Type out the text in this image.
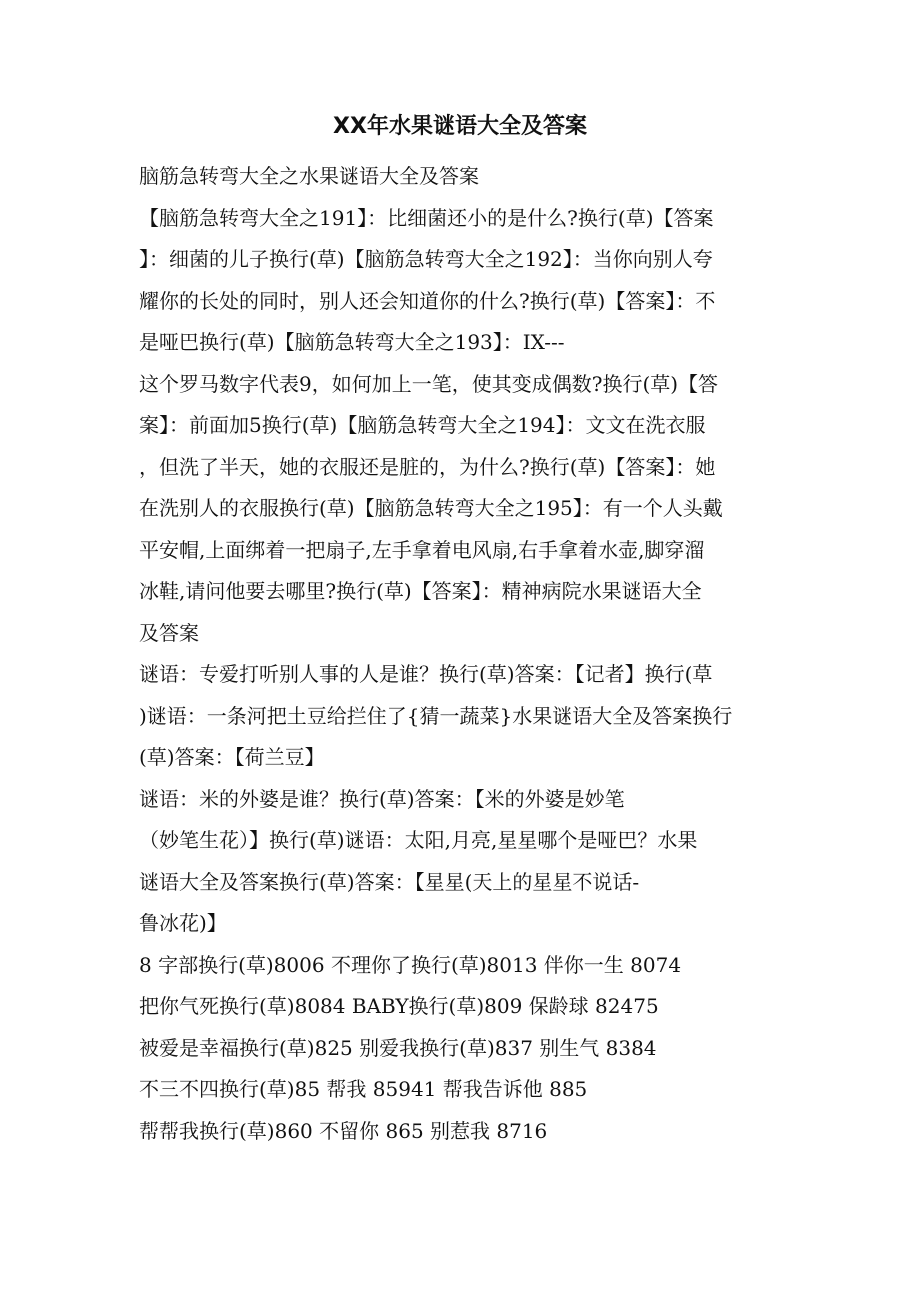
XX年水果谜语大全及答案
脑筋急转弯大全之水果谜语大全及答案
【脑筋急转弯大全之191】：比细菌还小的是什么?换行(草)【答案
】：细菌的儿子换行(草)【脑筋急转弯大全之192】：当你向别人夸
耀你的长处的同时，别人还会知道你的什么?换行(草)【答案】：不
是哑巴换行(草)【脑筋急转弯大全之193】：IX---
这个罗马数字代表9，如何加上一笔，使其变成偶数?换行(草)【答
案】：前面加5换行(草)【脑筋急转弯大全之194】：文文在洗衣服
，但洗了半天，她的衣服还是脏的，为什么?换行(草)【答案】：她
在洗别人的衣服换行(草)【脑筋急转弯大全之195】：有一个人头戴
平安帽,上面绑着一把扇子,左手拿着电风扇,右手拿着水壶,脚穿溜
冰鞋,请问他要去哪里?换行(草)【答案】：精神病院水果谜语大全
及答案
谜语：专爱打听别人事的人是谁？换行(草)答案：【记者】换行(草
)谜语：一条河把土豆给拦住了{猜一蔬菜}水果谜语大全及答案换行
(草)答案：【荷兰豆】
谜语：米的外婆是谁？换行(草)答案：【米的外婆是妙笔
（妙笔生花）】换行(草)谜语：太阳,月亮,星星哪个是哑巴？水果
谜语大全及答案换行(草)答案：【星星(天上的星星不说话-
鲁冰花)】
8 字部换行(草)8006 不理你了换行(草)8013 伴你一生 8074
把你气死换行(草)8084 BABY换行(草)809 保龄球 82475
被爱是幸福换行(草)825 别爱我换行(草)837 别生气 8384
不三不四换行(草)85 帮我 85941 帮我告诉他 885
帮帮我换行(草)860 不留你 865 别惹我 8716
